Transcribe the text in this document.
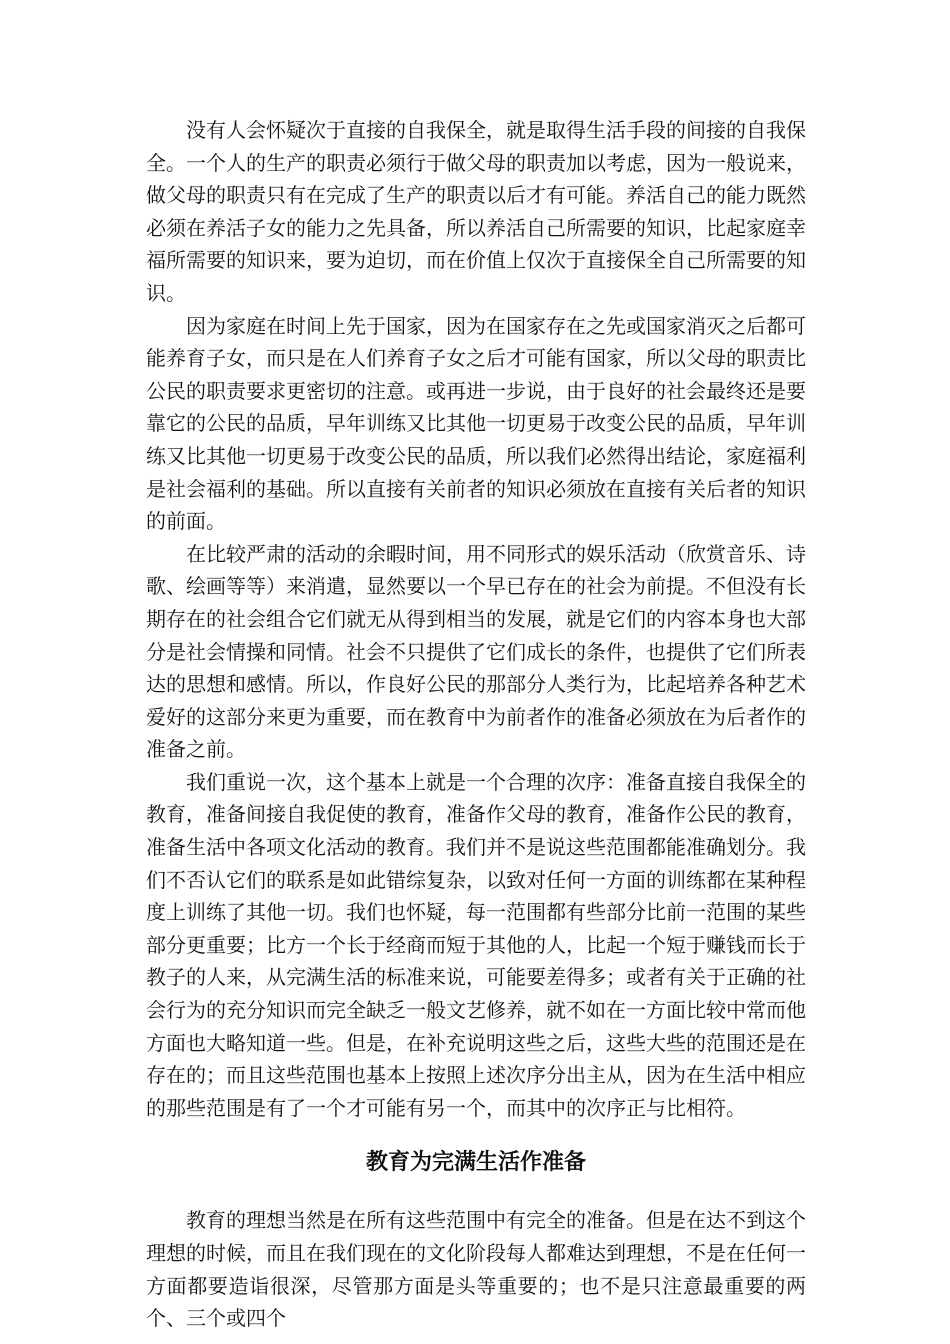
没有人会怀疑次于直接的自我保全，就是取得生活手段的间接的自我保全。一个人的生产的职责必须行于做父母的职责加以考虑，因为一般说来，做父母的职责只有在完成了生产的职责以后才有可能。养活自己的能力既然必须在养活子女的能力之先具备，所以养活自己所需要的知识，比起家庭幸福所需要的知识来，要为迫切，而在价值上仅次于直接保全自己所需要的知识。

因为家庭在时间上先于国家，因为在国家存在之先或国家消灭之后都可能养育子女，而只是在人们养育子女之后才可能有国家，所以父母的职责比公民的职责要求更密切的注意。或再进一步说，由于良好的社会最终还是要靠它的公民的品质，早年训练又比其他一切更易于改变公民的品质，早年训练又比其他一切更易于改变公民的品质，所以我们必然得出结论，家庭福利是社会福利的基础。所以直接有关前者的知识必须放在直接有关后者的知识的前面。

在比较严肃的活动的余暇时间，用不同形式的娱乐活动（欣赏音乐、诗歌、绘画等等）来消遣，显然要以一个早已存在的社会为前提。不但没有长期存在的社会组合它们就无从得到相当的发展，就是它们的内容本身也大部分是社会情操和同情。社会不只提供了它们成长的条件，也提供了它们所表达的思想和感情。所以，作良好公民的那部分人类行为，比起培养各种艺术爱好的这部分来更为重要，而在教育中为前者作的准备必须放在为后者作的准备之前。

我们重说一次，这个基本上就是一个合理的次序：准备直接自我保全的教育，准备间接自我促使的教育，准备作父母的教育，准备作公民的教育，准备生活中各项文化活动的教育。我们并不是说这些范围都能准确划分。我们不否认它们的联系是如此错综复杂，以致对任何一方面的训练都在某种程度上训练了其他一切。我们也怀疑，每一范围都有些部分比前一范围的某些部分更重要；比方一个长于经商而短于其他的人，比起一个短于赚钱而长于教子的人来，从完满生活的标准来说，可能要差得多；或者有关于正确的社会行为的充分知识而完全缺乏一般文艺修养，就不如在一方面比较中常而他方面也大略知道一些。但是，在补充说明这些之后，这些大些的范围还是在存在的；而且这些范围也基本上按照上述次序分出主从，因为在生活中相应的那些范围是有了一个才可能有另一个，而其中的次序正与比相符。

教育为完满生活作准备

教育的理想当然是在所有这些范围中有完全的准备。但是在达不到这个理想的时候，而且在我们现在的文化阶段每人都难达到理想，不是在任何一方面都要造诣很深，尽管那方面是头等重要的；也不是只注意最重要的两个、三个或四个
